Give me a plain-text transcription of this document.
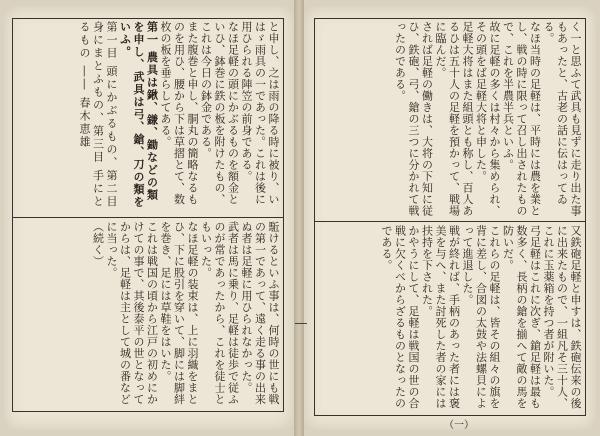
と申し、之は雨の降る時に被り、いはゞ雨具の一であった。これは後に用ひられる陣笠の前身である。

なほ足軽の頭にかぶるものを額金といひ、鉢巻に鉄の板を附けたもの、これは今日の鉢金である。

また腹巻と申し、胴丸の簡略なるものを用ひ、腰から下は草摺とて、数枚の板を垂らしてある。

第一 農具は鍬、鎌、鋤などの類を申し、武具は弓、鎗、刀の類をいふ。

第一目 頭にかぶるもの、第二目 身にまとふもの、第三目 手にとるもの ―― 春木恵雄

駈けるといふ事は、何時の世にも戦の第一であって、遠く走る事の出来ぬ者は足軽に用ひられなかった。

武者は馬に乗り、足軽は徒歩で従ふのが常であったから、これを徒士ともいった。

なほ足軽の装束は、上に羽織をまとひ、下に股引を穿いて、脚には脚絆を巻き、足には草鞋をはいた。

これは戦国の頃から江戸の初めにかけての事で、其後泰平の世となってからは、足軽は主として城の番などに当った。

（続く）

く一と思ふて武具も見ずに走り出た事もあったと、古老の話に伝はってゐる。

なほ当時の足軽は、平時には農を業とし、戦の時に限って召し出されたもので、これを半農半兵といふ。

故に足軽の多くは村々から集められ、その頭をば足軽大将と申した。

足軽大将はまた組頭とも称し、百人あるひは五十人の足軽を預かって、戦場に臨んだ。

されば足軽の働きは、大将の下知に従ひ、鉄砲、弓、鎗の三つに分かれて戦ったのである。

又鉄砲足軽と申すは、鉄砲伝来の後に出来たもので、一組凡そ三十人、これに玉薬箱を持つ者が附いた。

弓足軽はこれに次ぎ、鎗足軽は最も数多く、長柄の鎗を揃へて敵の馬を防いだ。

これらの足軽は、皆その組々の旗を背に差し、合図の太鼓や法螺貝によって進退した。

戦が終れば、手柄のあった者には褒美を与へ、また討死した者の家には扶持を下された。

かやうにして、足軽は戦国の世の合戦に欠くべからざるものとなったのである。

（一）
―
